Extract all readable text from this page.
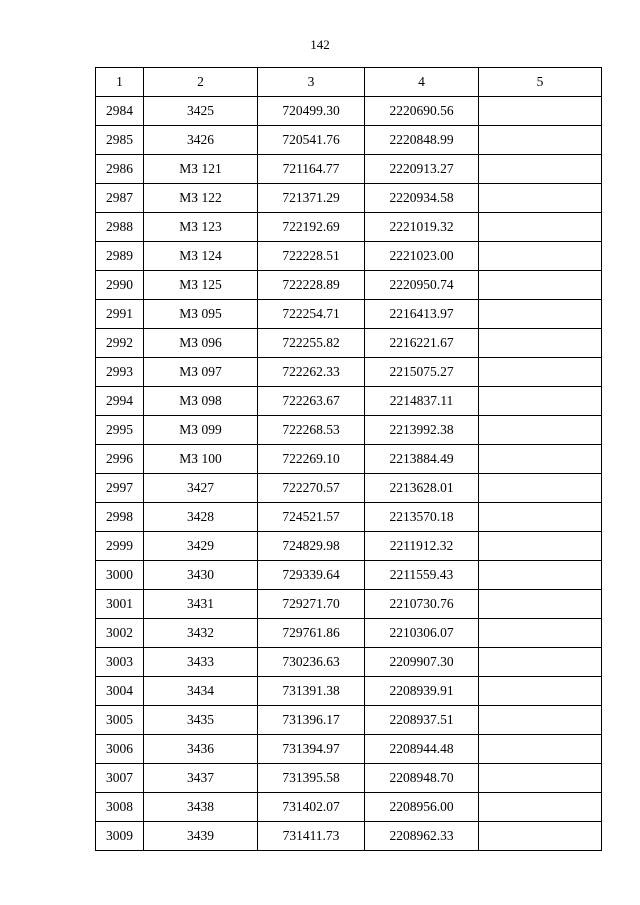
142
1	2	3	4	5
2984	3425	720499.30	2220690.56	
2985	3426	720541.76	2220848.99	
2986	МЗ 121	721164.77	2220913.27	
2987	МЗ 122	721371.29	2220934.58	
2988	МЗ 123	722192.69	2221019.32	
2989	МЗ 124	722228.51	2221023.00	
2990	МЗ 125	722228.89	2220950.74	
2991	МЗ 095	722254.71	2216413.97	
2992	МЗ 096	722255.82	2216221.67	
2993	МЗ 097	722262.33	2215075.27	
2994	МЗ 098	722263.67	2214837.11	
2995	МЗ 099	722268.53	2213992.38	
2996	МЗ 100	722269.10	2213884.49	
2997	3427	722270.57	2213628.01	
2998	3428	724521.57	2213570.18	
2999	3429	724829.98	2211912.32	
3000	3430	729339.64	2211559.43	
3001	3431	729271.70	2210730.76	
3002	3432	729761.86	2210306.07	
3003	3433	730236.63	2209907.30	
3004	3434	731391.38	2208939.91	
3005	3435	731396.17	2208937.51	
3006	3436	731394.97	2208944.48	
3007	3437	731395.58	2208948.70	
3008	3438	731402.07	2208956.00	
3009	3439	731411.73	2208962.33	
